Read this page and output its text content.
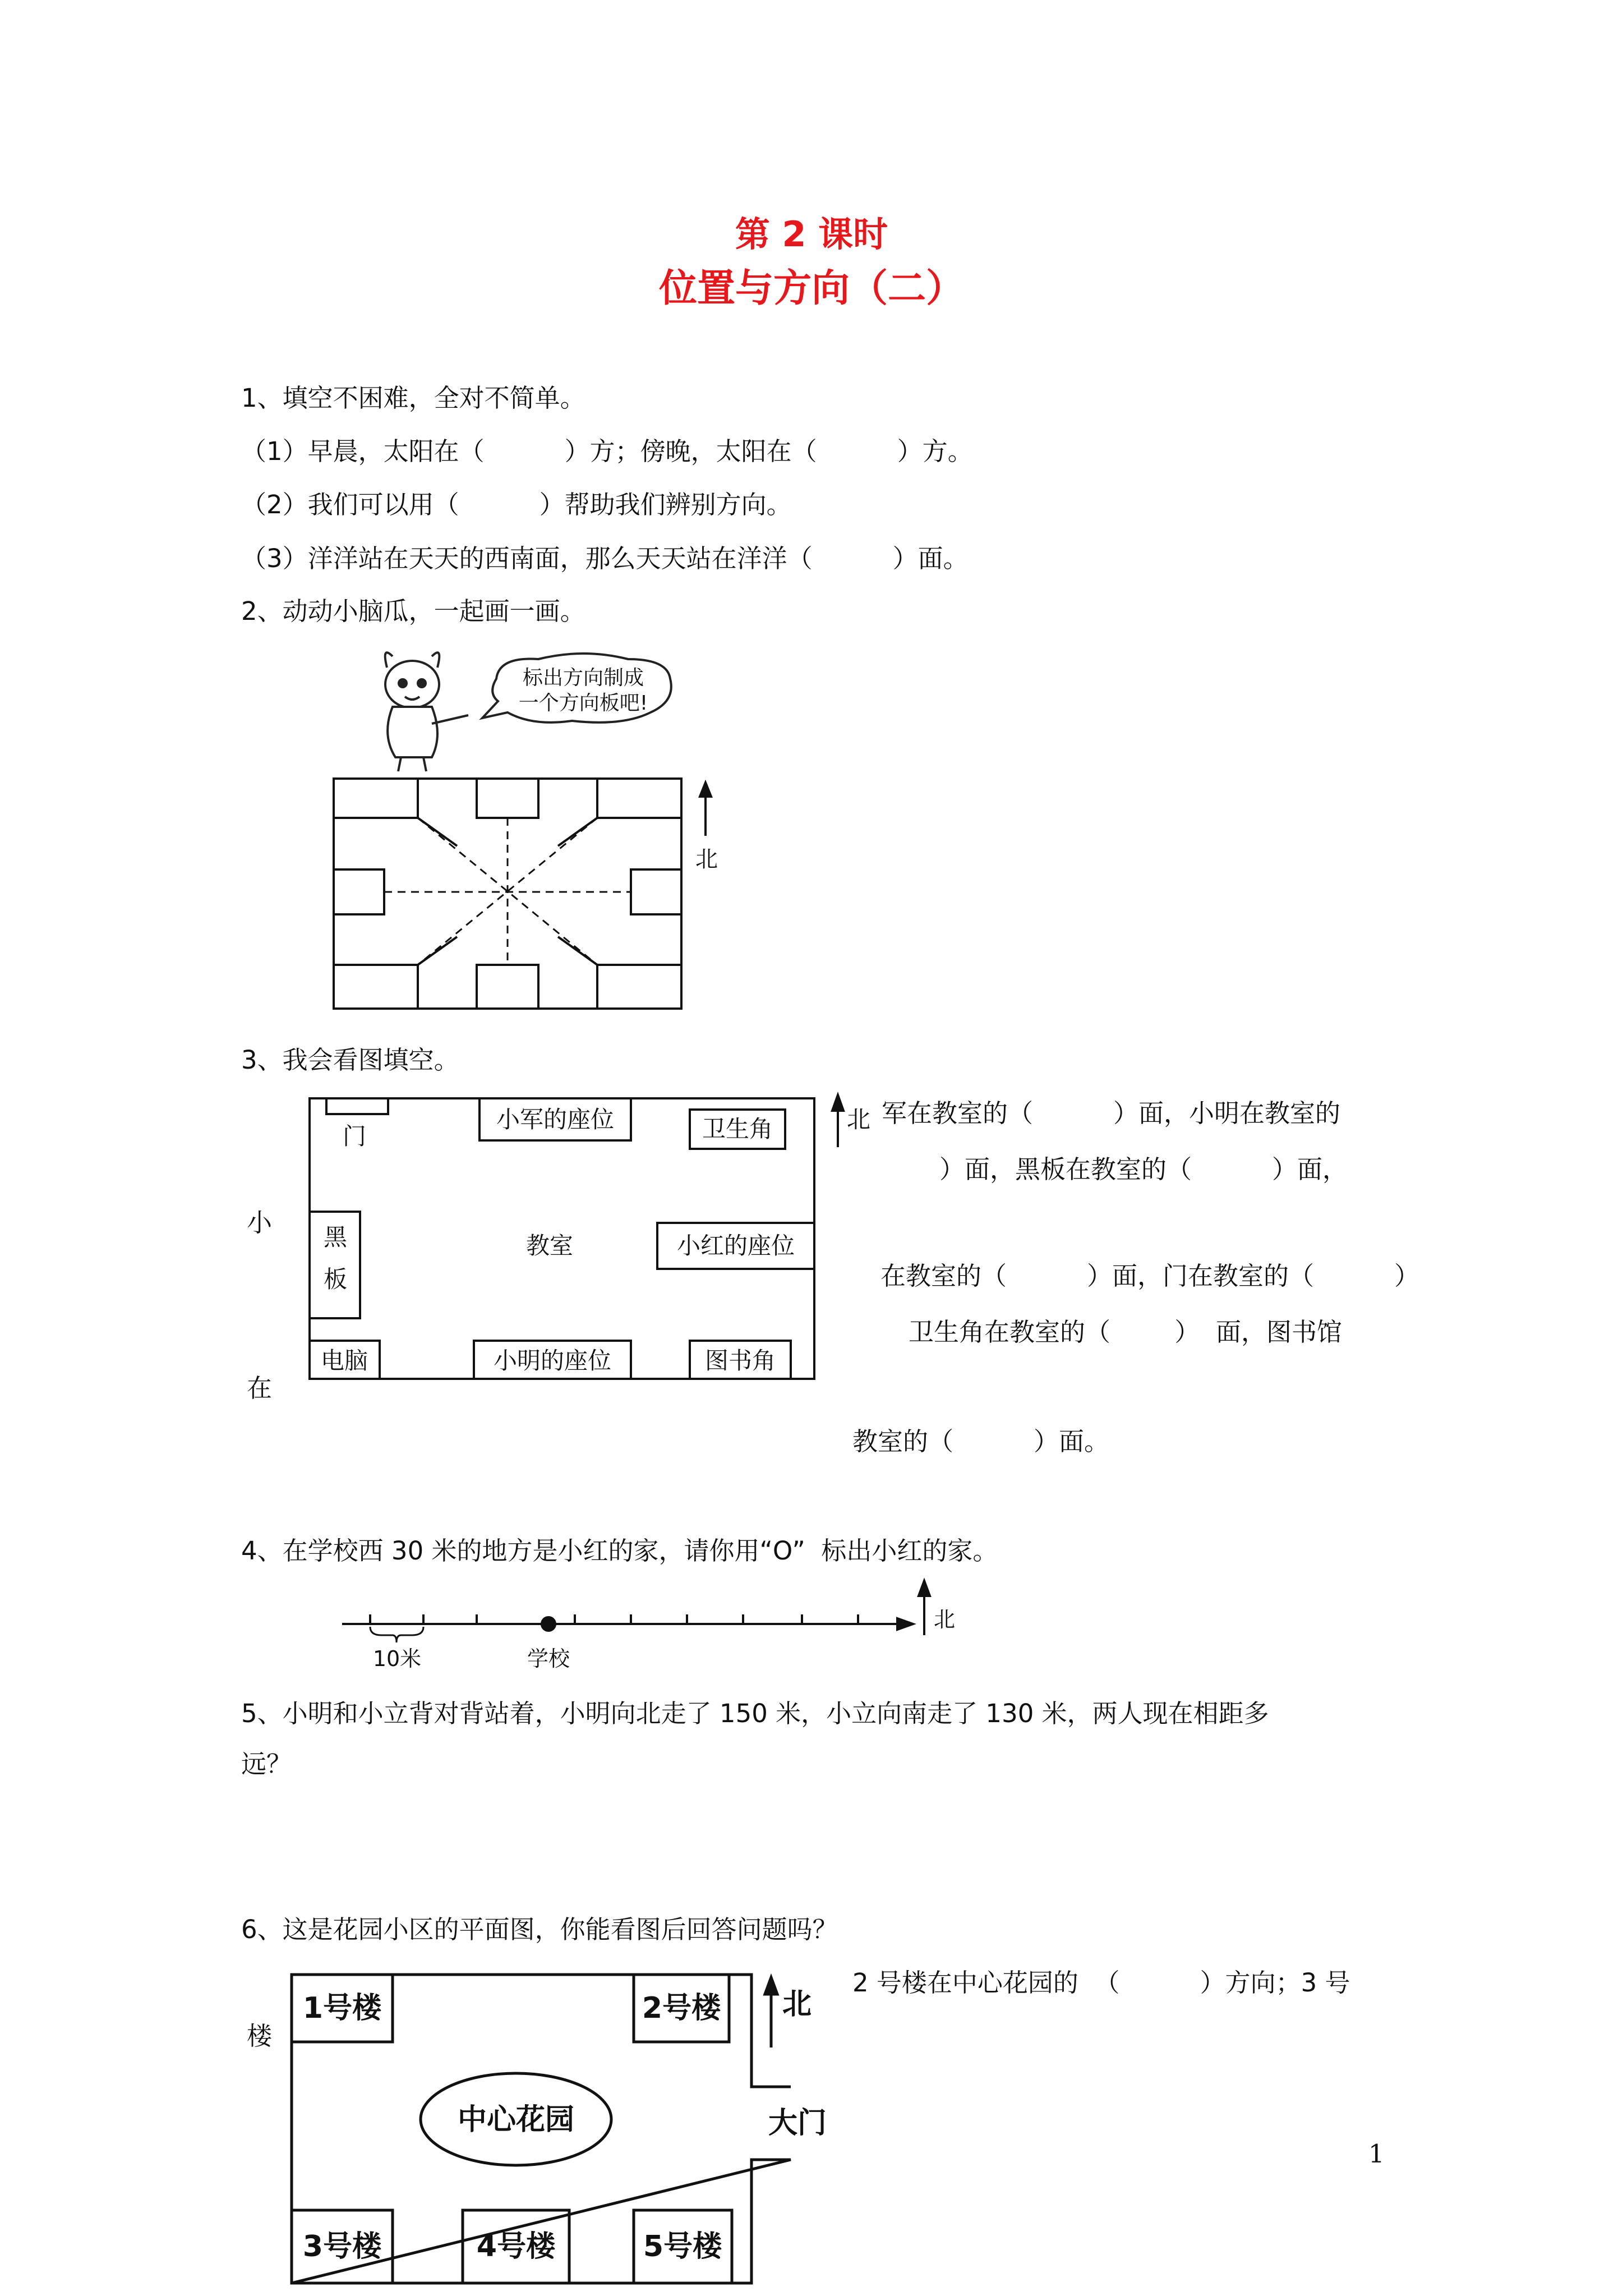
第 2 课时
位置与方向（二）
1、填空不困难，全对不简单。
（1）早晨，太阳在（          ）方；傍晚，太阳在（          ）方。
（2）我们可以用（          ）帮助我们辨别方向。
（3）洋洋站在天天的西南面，那么天天站在洋洋（          ）面。
2、动动小脑瓜，一起画一画。
标出方向制成
一个方向板吧!
北
3、我会看图填空。
门
黑
板
小军的座位	卫生角
教室	小红的座位
电脑	小明的座位	图书角
北
小
在
军在教室的（          ）面，小明在教室的
）面，黑板在教室的（          ）面，
在教室的（          ）面，门在教室的（          ）
卫生角在教室的（        ）  面，图书馆
教室的（          ）面。
4、在学校西 30 米的地方是小红的家，请你用“O”  标出小红的家。
10米	学校
北
5、小明和小立背对背站着，小明向北走了 150 米，小立向南走了 130 米，两人现在相距多
远？
6、这是花园小区的平面图，你能看图后回答问题吗？
1号楼	2号楼
3号楼	4号楼	5号楼
中心花园	大门
北
2 号楼在中心花园的  （          ）方向；3 号
楼
1
